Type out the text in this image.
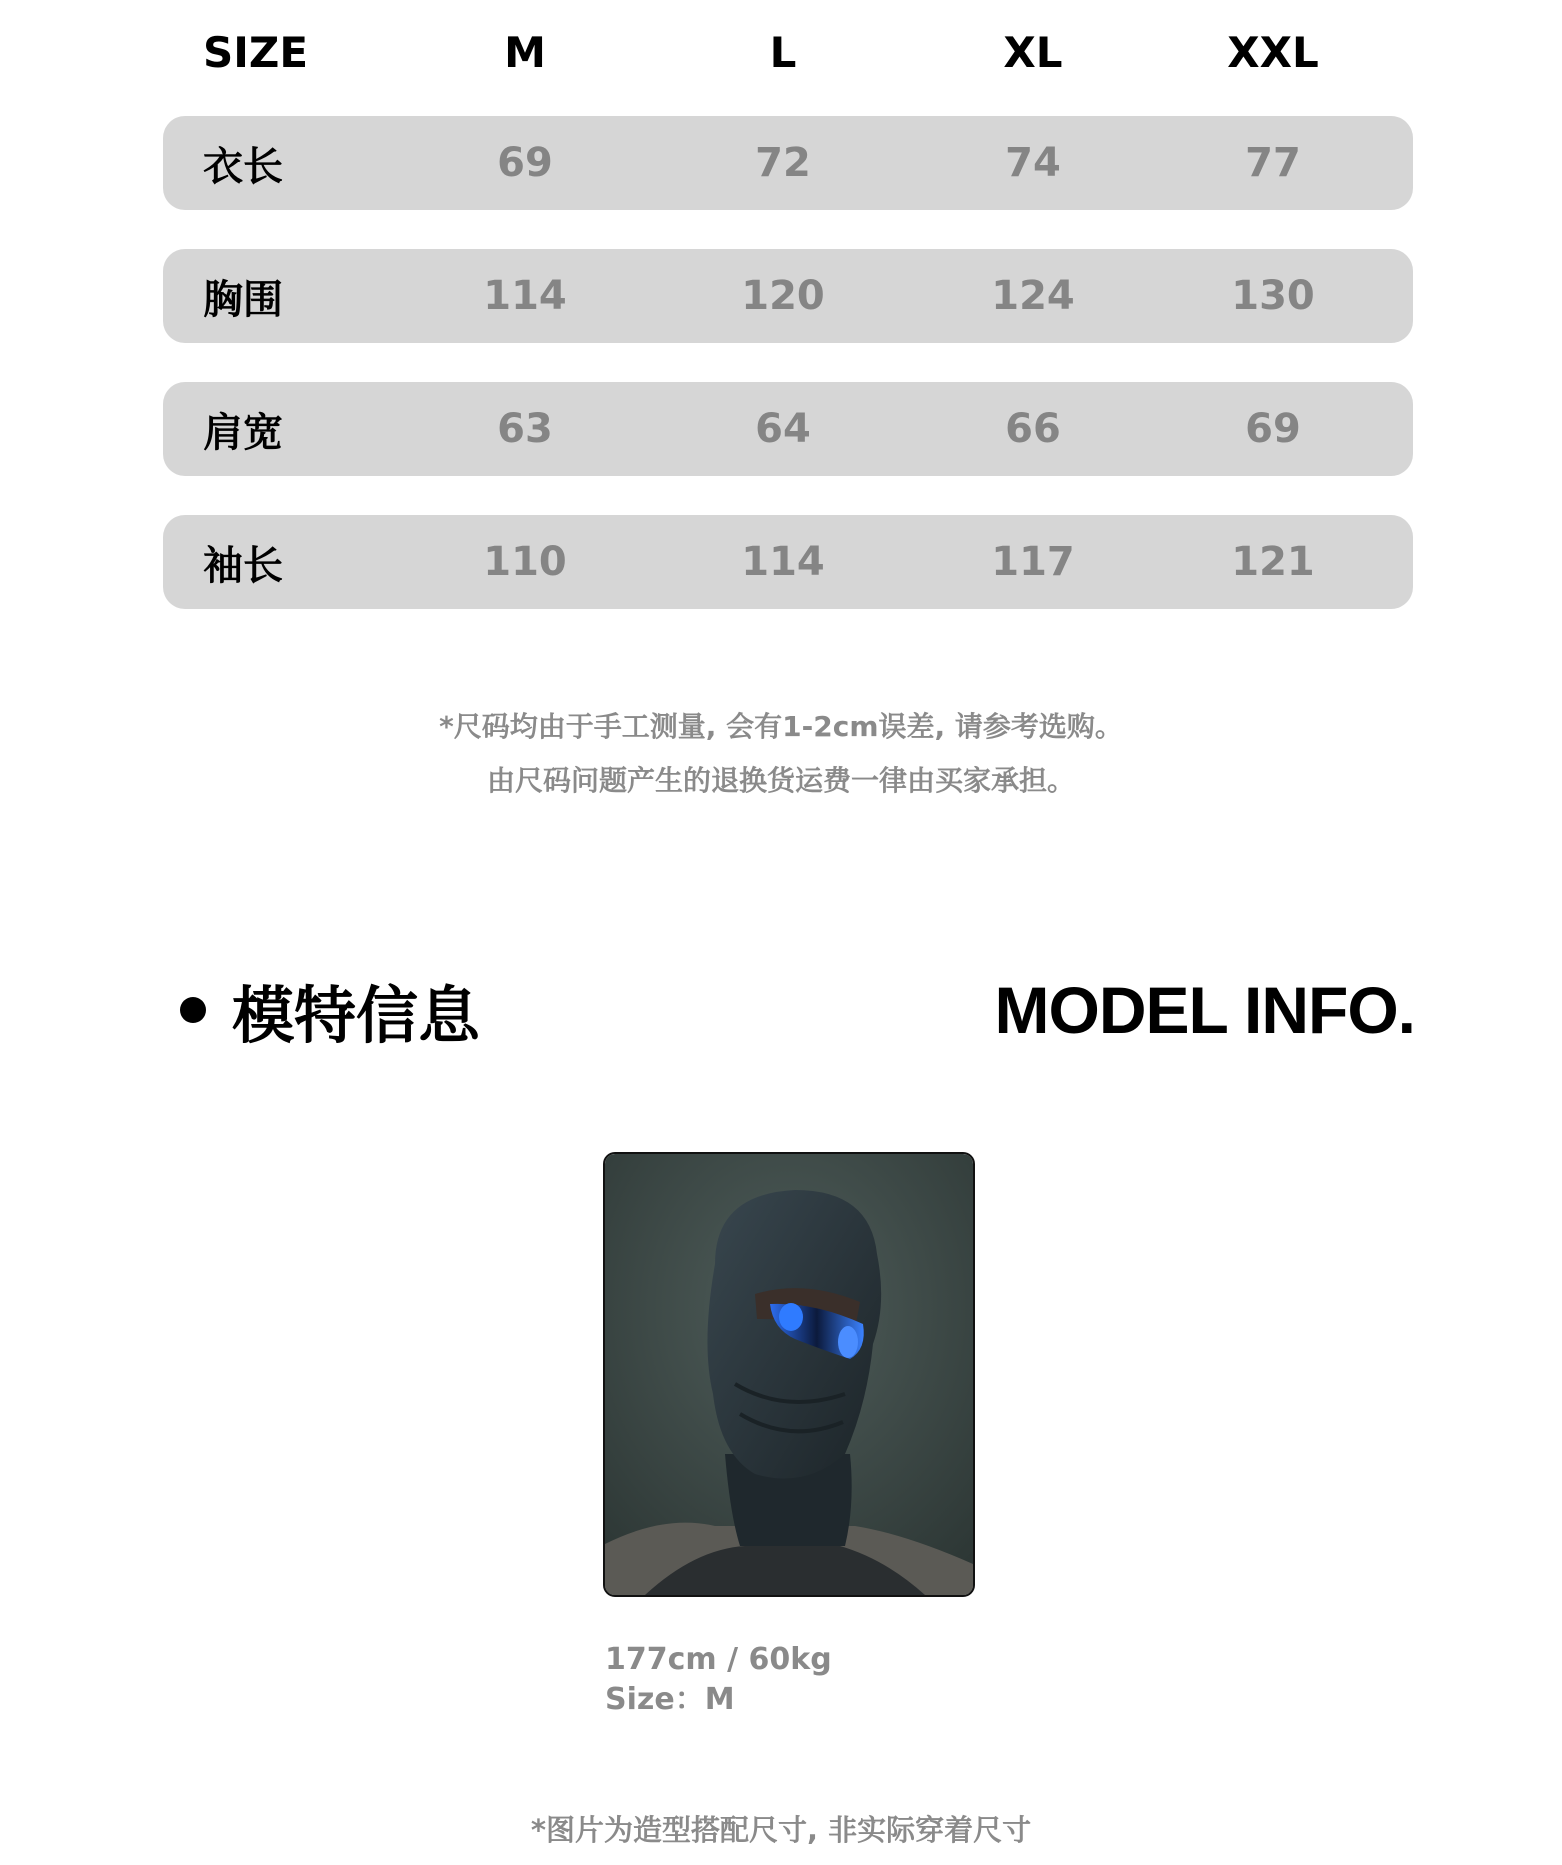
SIZE	M	L	XL	XXL
衣长	69	72	74	77
胸围	114	120	124	130
肩宽	63	64	66	69
袖长	110	114	117	121
*尺码均由于手工测量, 会有1-2cm误差, 请参考选购。
由尺码问题产生的退换货运费一律由买家承担。
模特信息	MODEL INFO.
177cm / 60kg
Size：M
*图片为造型搭配尺寸, 非实际穿着尺寸
